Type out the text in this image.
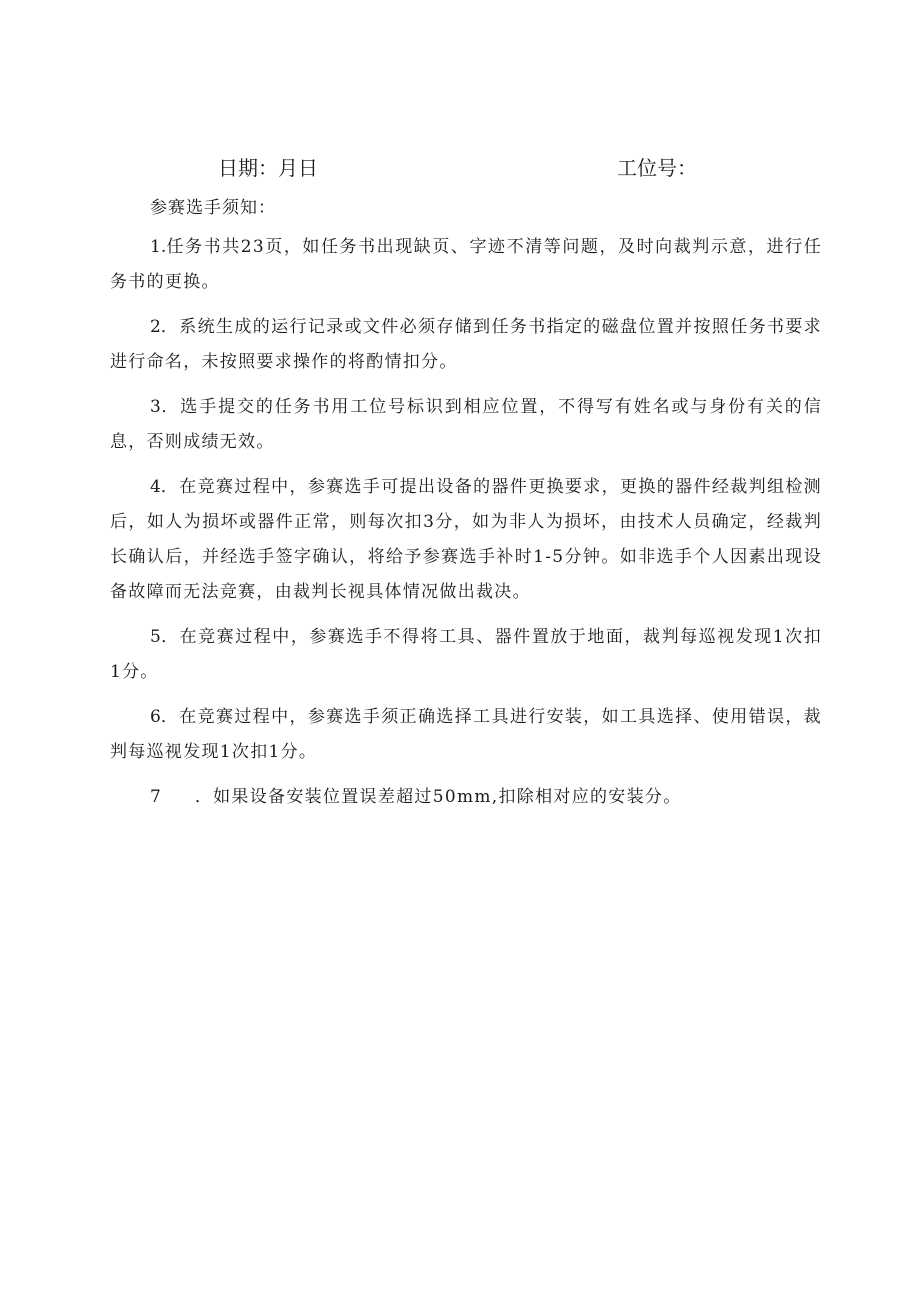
日期：月日	工位号：
参赛选手须知：
1.任务书共23页，如任务书出现缺页、字迹不清等问题，及时向裁判示意，进行任务书的更换。
2．系统生成的运行记录或文件必须存储到任务书指定的磁盘位置并按照任务书要求进行命名，未按照要求操作的将酌情扣分。
3．选手提交的任务书用工位号标识到相应位置，不得写有姓名或与身份有关的信息，否则成绩无效。
4．在竞赛过程中，参赛选手可提出设备的器件更换要求，更换的器件经裁判组检测后，如人为损坏或器件正常，则每次扣3分，如为非人为损坏，由技术人员确定，经裁判长确认后，并经选手签字确认，将给予参赛选手补时1-5分钟。如非选手个人因素出现设备故障而无法竞赛，由裁判长视具体情况做出裁决。
5．在竞赛过程中，参赛选手不得将工具、器件置放于地面，裁判每巡视发现1次扣1分。
6．在竞赛过程中，参赛选手须正确选择工具进行安装，如工具选择、使用错误，裁判每巡视发现1次扣1分。
7 ．如果设备安装位置误差超过50mm,扣除相对应的安装分。
